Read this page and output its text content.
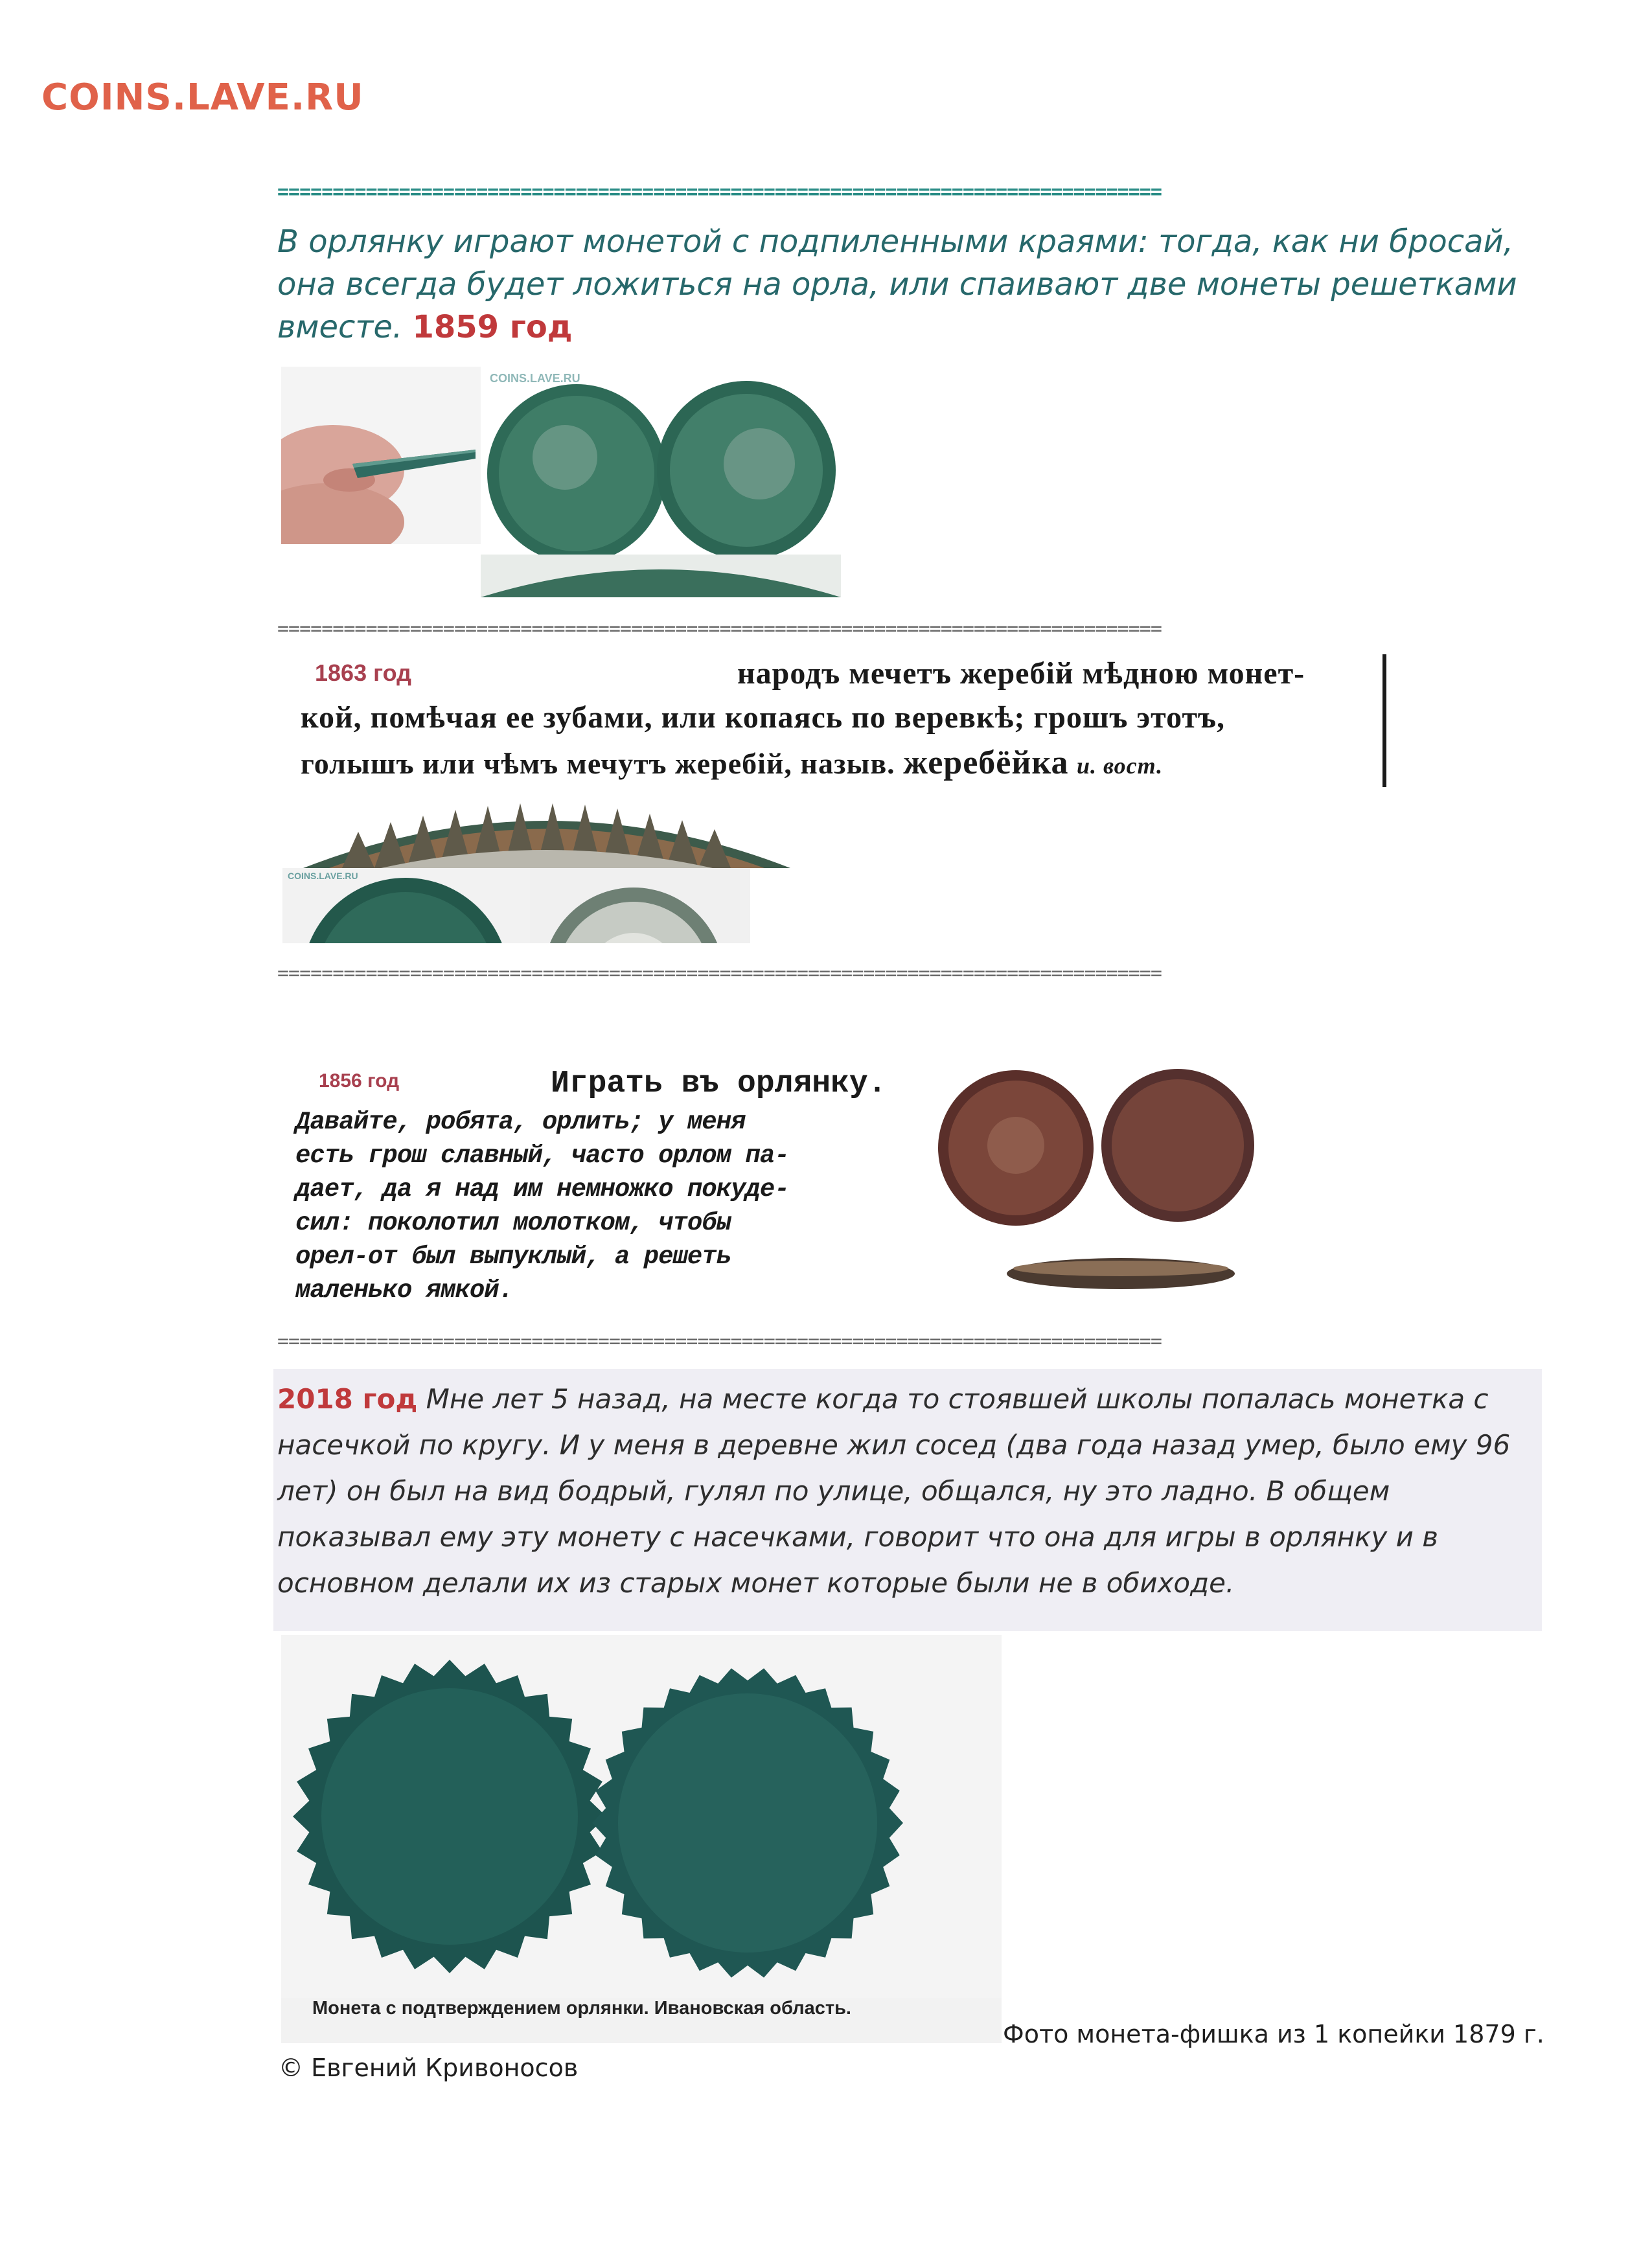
COINS.LAVE.RU
================================================================================
В орлянку играют монетой с подпиленными краями: тогда, как ни бросай, она всегда будет ложиться на орла, или спаивают две монеты решетками вместе. 1859 год
COINS.LAVE.RU
================================================================================
1863 год	народъ мечетъ жеребій мѣдною монет-
кой, помѣчая ее зубами, или копаясь по веревкѣ; грошъ этотъ,
голышъ или чѣмъ мечутъ жеребій, назыв. жеребёйка и. вост.
COINS.LAVE.RU
================================================================================
1856 год	Играть въ орлянку.
Давайте, робята, орлить; у меня
есть грош славный, часто орлом па-
дает, да я над им немножко покуде-
сил: поколотил молотком, чтобы
орел-от был выпуклый, а решеть
маленько ямкой.
================================================================================
2018 год Мне лет 5 назад, на месте когда то стоявшей школы попалась монетка с насечкой по кругу. И у меня в деревне жил сосед (два года назад умер, было ему 96 лет) он был на вид бодрый, гулял по улице, общался, ну это ладно. В общем показывал ему эту монету с насечками, говорит что она для игры в орлянку и в основном делали их из старых монет которые были не в обиходе.
Монета с подтверждением орлянки. Ивановская область.
Фото монета-фишка из 1 копейки 1879 г.
© Евгений Кривоносов
